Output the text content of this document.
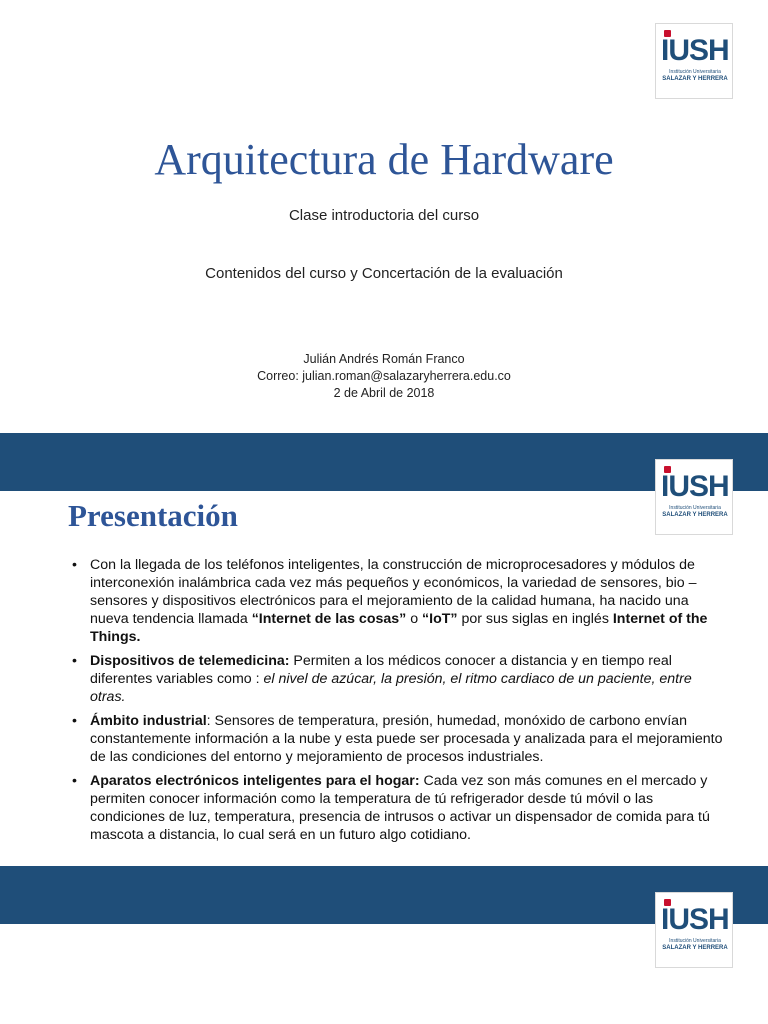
IUSH
Institución Universitaria
SALAZAR Y HERRERA
Arquitectura de Hardware
Clase introductoria del curso
Contenidos del curso y Concertación de la evaluación
Julián Andrés Román Franco
Correo: julian.roman@salazaryherrera.edu.co
2 de Abril de 2018
IUSH
Institución Universitaria
SALAZAR Y HERRERA
Presentación
• Con la llegada de los teléfonos inteligentes, la construcción de microprocesadores y módulos de interconexión inalámbrica cada vez más pequeños y económicos, la variedad de sensores, bio – sensores y dispositivos electrónicos para el mejoramiento de la calidad humana, ha nacido una nueva tendencia llamada “Internet de las cosas” o “IoT” por sus siglas en inglés Internet of the Things.
• Dispositivos de telemedicina: Permiten a los médicos conocer a distancia y en tiempo real diferentes variables como : el nivel de azúcar, la presión, el ritmo cardiaco de un paciente, entre otras.
• Ámbito industrial: Sensores de temperatura, presión, humedad, monóxido de carbono envían constantemente información a la nube y esta puede ser procesada y analizada para el mejoramiento de las condiciones del entorno y mejoramiento de procesos industriales.
• Aparatos electrónicos inteligentes para el hogar: Cada vez son más comunes en el mercado y permiten conocer información como la temperatura de tú refrigerador desde tú móvil o las condiciones de luz, temperatura, presencia de intrusos o activar un dispensador de comida para tú mascota a distancia, lo cual será en un futuro algo cotidiano.
IUSH
Institución Universitaria
SALAZAR Y HERRERA
